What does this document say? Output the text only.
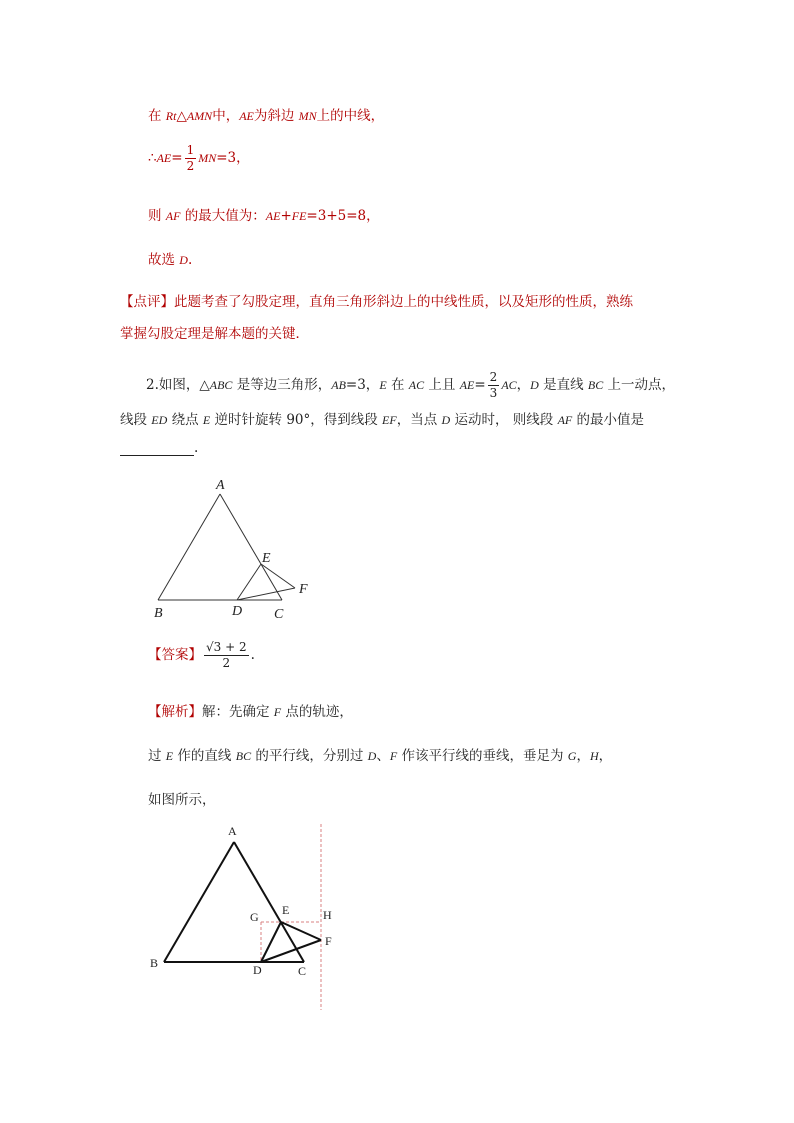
在 Rt△AMN中，AE为斜边 MN上的中线，
∴AE= $\frac{1}{2} MN=3$，
则 AF 的最大值为：AE+FE=3+5=8，
故选 D.
【点评】此题考查了勾股定理，直角三角形斜边上的中线性质，以及矩形的性质，熟练
掌握勾股定理是解本题的关键．
2.如图，△ABC 是等边三角形，AB=3，E 在 AC 上且 $AE= \frac{2}{3}$ AC，D 是直线 BC 上一动点，
线段 ED 绕点 E 逆时针旋转 90°，得到线段 EF，当点 D 运动时， 则线段 AF 的最小值是
.
A
B	C
D
E
F
【答案】 $\frac{√3 + 2}{2}$ .
【解析】解：先确定 F 点的轨迹，
过 E 作的直线 BC 的平行线，分别过 D、F 作该平行线的垂线，垂足为 G，H，
如图所示，
A
B
C
D
E
F
G	H
